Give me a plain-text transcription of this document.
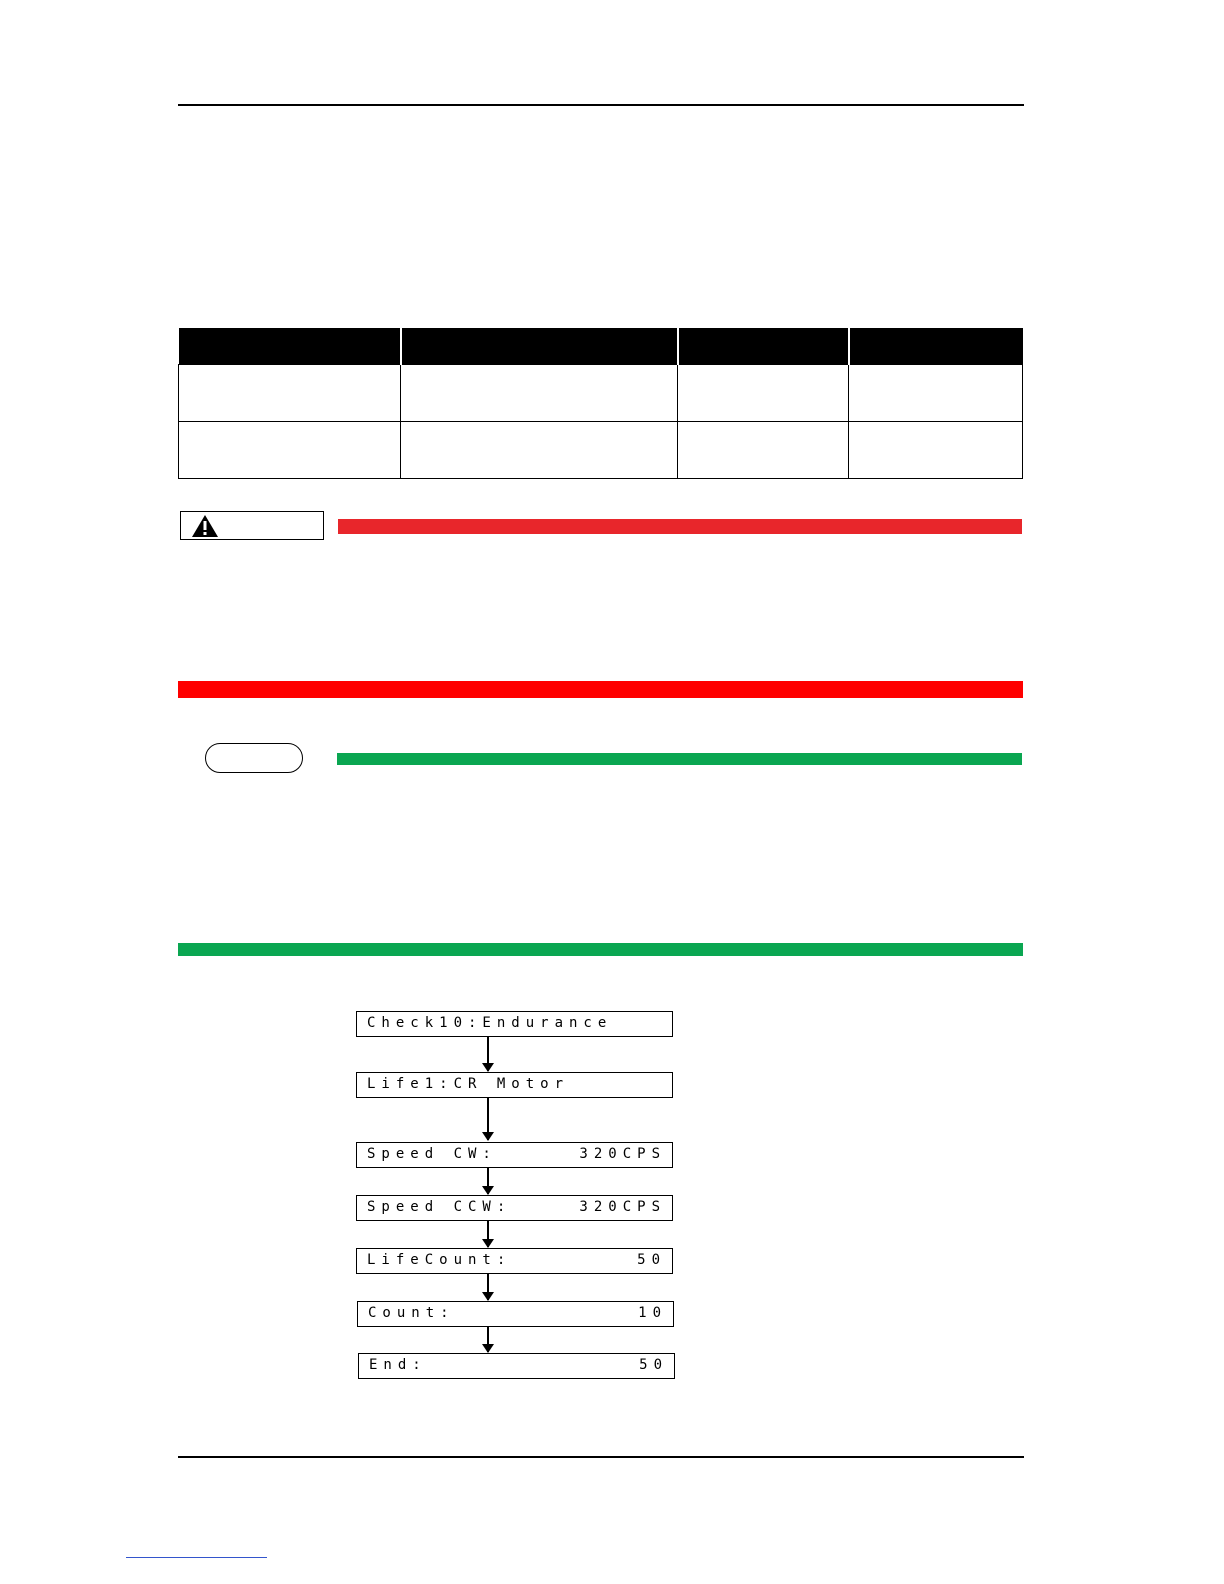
Check10:Endurance
Life1:CR Motor
Speed CW:	320CPS
Speed CCW:	320CPS
LifeCount:	50
Count:	10
End:	50
